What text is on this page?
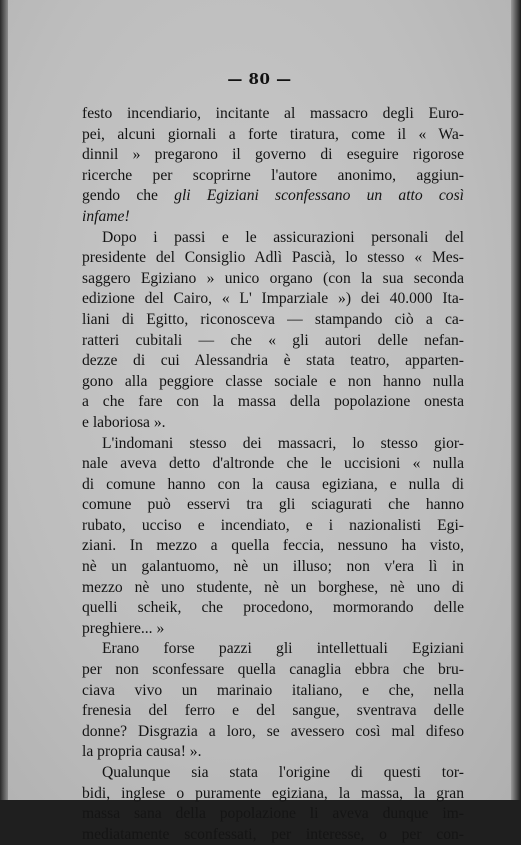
— 80 —
festo incendiario, incitante al massacro degli Euro-
pei, alcuni giornali a forte tiratura, come il « Wa-
dinnil » pregarono il governo di eseguire rigorose
ricerche per scoprirne l'autore anonimo, aggiun-
gendo che gli Egiziani sconfessano un atto così
infame!
Dopo i passi e le assicurazioni personali del
presidente del Consiglio Adlì Pascià, lo stesso « Mes-
saggero Egiziano » unico organo (con la sua seconda
edizione del Cairo, « L' Imparziale ») dei 40.000 Ita-
liani di Egitto, riconosceva — stampando ciò a ca-
ratteri cubitali — che « gli autori delle nefan-
dezze di cui Alessandria è stata teatro, apparten-
gono alla peggiore classe sociale e non hanno nulla
a che fare con la massa della popolazione onesta
e laboriosa ».
L'indomani stesso dei massacri, lo stesso gior-
nale aveva detto d'altronde che le uccisioni « nulla
di comune hanno con la causa egiziana, e nulla di
comune può esservi tra gli sciagurati che hanno
rubato, ucciso e incendiato, e i nazionalisti Egi-
ziani. In mezzo a quella feccia, nessuno ha visto,
nè un galantuomo, nè un illuso; non v'era lì in
mezzo nè uno studente, nè un borghese, nè uno di
quelli scheik, che procedono, mormorando delle
preghiere... »
Erano forse pazzi gli intellettuali Egiziani
per non sconfessare quella canaglia ebbra che bru-
ciava vivo un marinaio italiano, e che, nella
frenesia del ferro e del sangue, sventrava delle
donne? Disgrazia a loro, se avessero così mal difeso
la propria causa! ».
Qualunque sia stata l'origine di questi tor-
bidi, inglese o puramente egiziana, la massa, la gran
massa sana della popolazione li aveva dunque im-
mediatamente sconfessati, per interesse, o per con-
